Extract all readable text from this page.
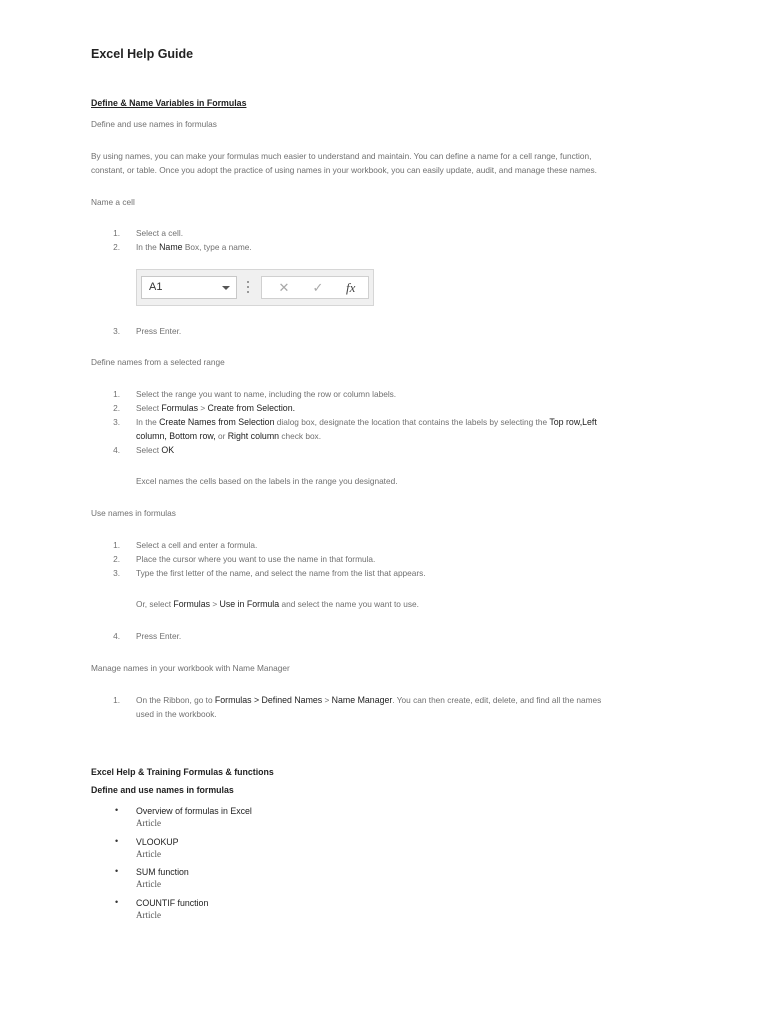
Excel Help Guide
Define & Name Variables in Formulas
Define and use names in formulas
By using names, you can make your formulas much easier to understand and maintain. You can define a name for a cell range, function,
constant, or table. Once you adopt the practice of using names in your workbook, you can easily update, audit, and manage these names.
Name a cell
1. Select a cell.
2. In the Name Box, type a name.
A1	✕	✓	fx
3. Press Enter.
Define names from a selected range
1. Select the range you want to name, including the row or column labels.
2. Select Formulas > Create from Selection.
3. In the Create Names from Selection dialog box, designate the location that contains the labels by selecting the Top row,Left
column, Bottom row, or Right column check box.
4. Select OK
Excel names the cells based on the labels in the range you designated.
Use names in formulas
1. Select a cell and enter a formula.
2. Place the cursor where you want to use the name in that formula.
3. Type the first letter of the name, and select the name from the list that appears.
Or, select Formulas > Use in Formula and select the name you want to use.
4. Press Enter.
Manage names in your workbook with Name Manager
1. On the Ribbon, go to Formulas > Defined Names > Name Manager. You can then create, edit, delete, and find all the names
used in the workbook.
Excel Help & Training Formulas & functions
Define and use names in formulas
• Overview of formulas in Excel
Article
• VLOOKUP
Article
• SUM function
Article
• COUNTIF function
Article
